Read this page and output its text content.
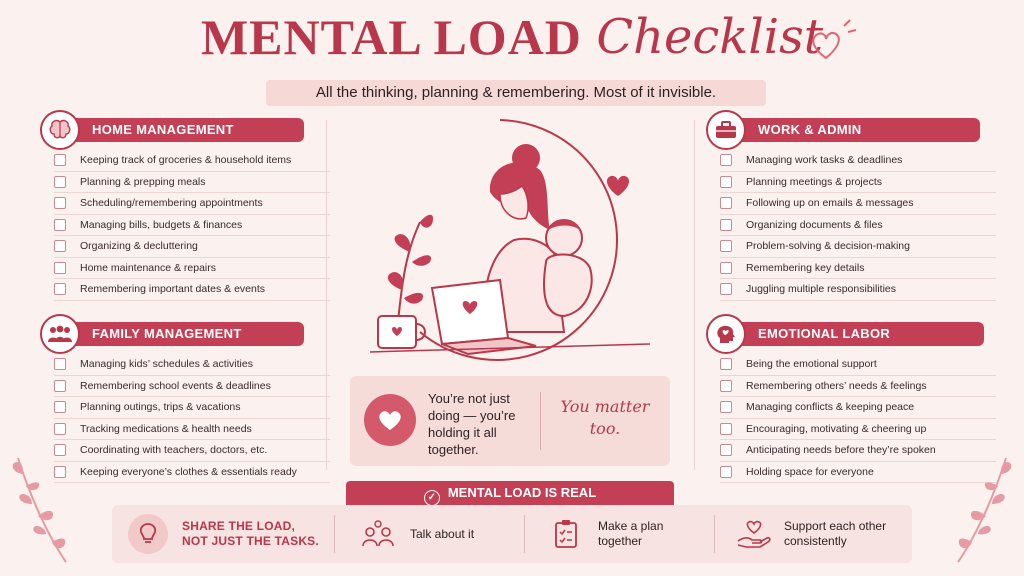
MENTAL LOAD Checklist
All the thinking, planning & remembering. Most of it invisible.
HOME MANAGEMENT
Keeping track of groceries & household items
Planning & prepping meals
Scheduling/remembering appointments
Managing bills, budgets & finances
Organizing & decluttering
Home maintenance & repairs
Remembering important dates & events
FAMILY MANAGEMENT
Managing kids’ schedules & activities
Remembering school events & deadlines
Planning outings, trips & vacations
Tracking medications & health needs
Coordinating with teachers, doctors, etc.
Keeping everyone’s clothes & essentials ready
WORK & ADMIN
Managing work tasks & deadlines
Planning meetings & projects
Following up on emails & messages
Organizing documents & files
Problem-solving & decision-making
Remembering key details
Juggling multiple responsibilities
EMOTIONAL LABOR
Being the emotional support
Remembering others’ needs & feelings
Managing conflicts & keeping peace
Encouraging, motivating & cheering up
Anticipating needs before they’re spoken
Holding space for everyone
You’re not just doing — you’re holding it all together.
You matter too.
✓ MENTAL LOAD IS REAL
SHARE THE LOAD, NOT JUST THE TASKS.
Talk about it
Make a plan together
Support each other consistently
